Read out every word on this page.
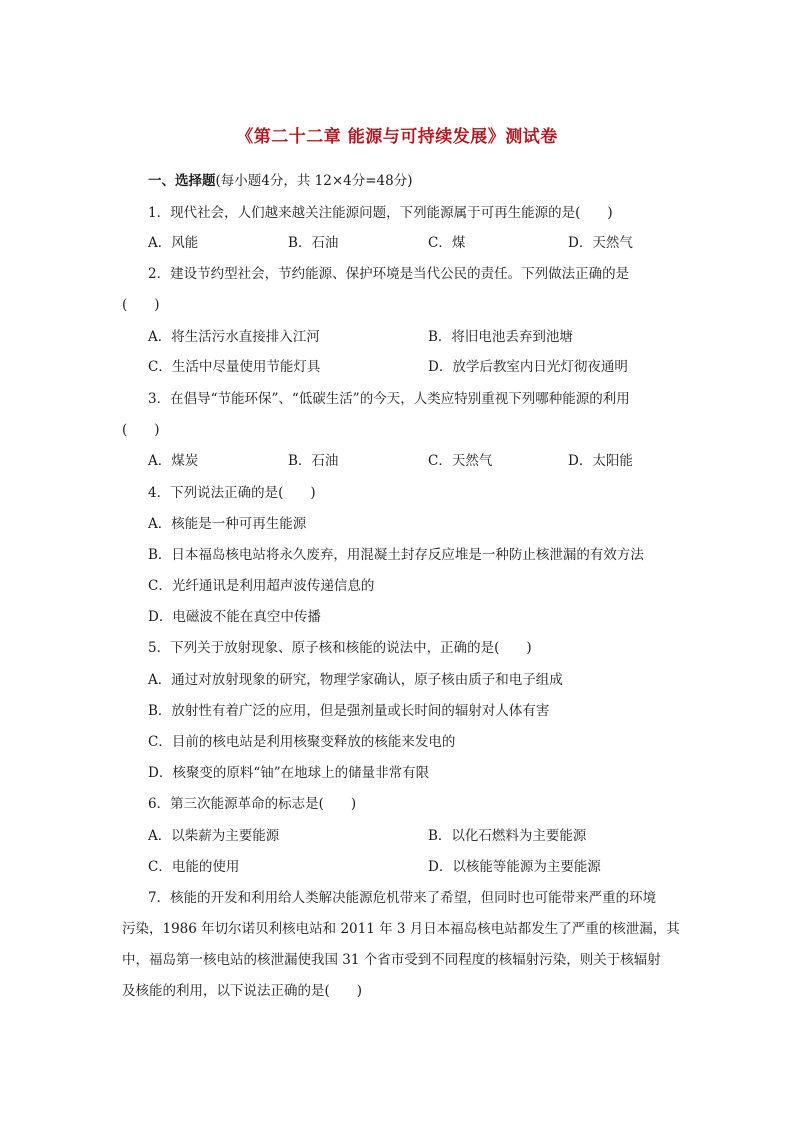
《第二十二章 能源与可持续发展》测试卷
一、选择题(每小题4分，共 12×4分=48分)
1．现代社会，人们越来越关注能源问题，下列能源属于可再生能源的是(　　)
A．风能	B．石油	C．煤	D．天然气
2．建设节约型社会，节约能源、保护环境是当代公民的责任。下列做法正确的是
(　　)
A．将生活污水直接排入江河	B．将旧电池丢弃到池塘
C．生活中尽量使用节能灯具	D．放学后教室内日光灯彻夜通明
3．在倡导“节能环保”、“低碳生活”的今天，人类应特别重视下列哪种能源的利用
(　　)
A．煤炭	B．石油	C．天然气	D．太阳能
4．下列说法正确的是(　　)
A．核能是一种可再生能源
B．日本福岛核电站将永久废弃，用混凝土封存反应堆是一种防止核泄漏的有效方法
C．光纤通讯是利用超声波传递信息的
D．电磁波不能在真空中传播
5．下列关于放射现象、原子核和核能的说法中，正确的是(　　)
A．通过对放射现象的研究，物理学家确认，原子核由质子和电子组成
B．放射性有着广泛的应用，但是强剂量或长时间的辐射对人体有害
C．目前的核电站是利用核聚变释放的核能来发电的
D．核聚变的原料“铀”在地球上的储量非常有限
6．第三次能源革命的标志是(　　)
A．以柴薪为主要能源	B．以化石燃料为主要能源
C．电能的使用	D．以核能等能源为主要能源
7．核能的开发和利用给人类解决能源危机带来了希望，但同时也可能带来严重的环境
污染，1986 年切尔诺贝利核电站和 2011 年 3 月日本福岛核电站都发生了严重的核泄漏，其
中，福岛第一核电站的核泄漏使我国 31 个省市受到不同程度的核辐射污染，则关于核辐射
及核能的利用，以下说法正确的是(　　)
